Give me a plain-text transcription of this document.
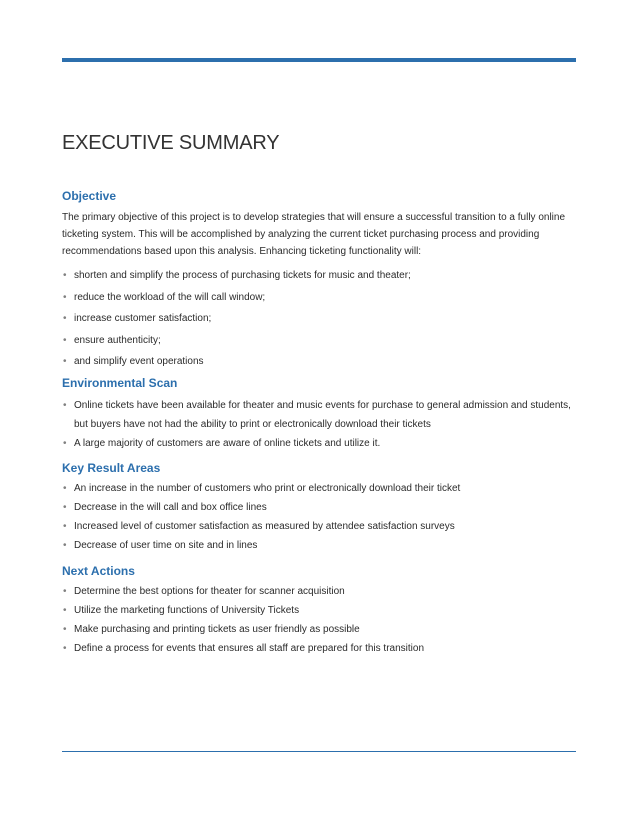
EXECUTIVE SUMMARY
Objective

The primary objective of this project is to develop strategies that will ensure a successful transition to a fully online ticketing system. This will be accomplished by analyzing the current ticket purchasing process and providing recommendations based upon this analysis. Enhancing ticketing functionality will:

• shorten and simplify the process of purchasing tickets for music and theater;
• reduce the workload of the will call window;
• increase customer satisfaction;
• ensure authenticity;
• and simplify event operations
Environmental Scan
• Online tickets have been available for theater and music events for purchase to general admission and students, but buyers have not had the ability to print or electronically download their tickets
• A large majority of customers are aware of online tickets and utilize it.
Key Result Areas
• An increase in the number of customers who print or electronically download their ticket
• Decrease in the will call and box office lines
• Increased level of customer satisfaction as measured by attendee satisfaction surveys
• Decrease of user time on site and in lines
Next Actions
• Determine the best options for theater for scanner acquisition
• Utilize the marketing functions of University Tickets
• Make purchasing and printing tickets as user friendly as possible
• Define a process for events that ensures all staff are prepared for this transition
